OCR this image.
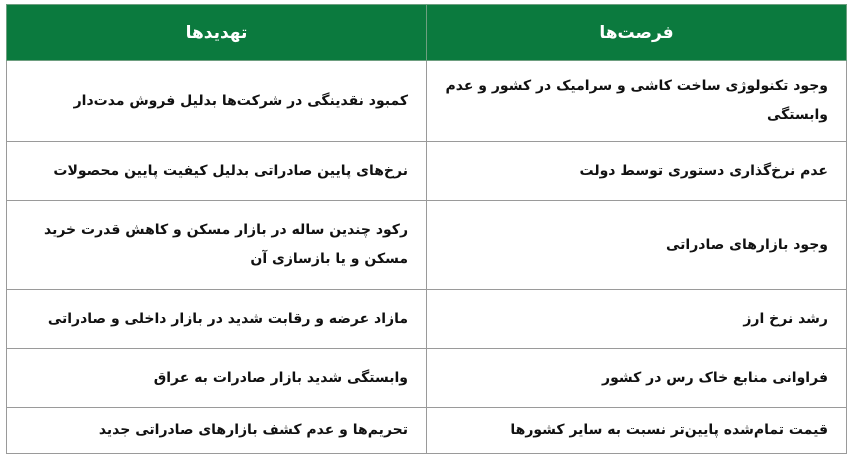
فرصت‌ها	تهدیدها
وجود تکنولوژی ساخت کاشی و سرامیک در کشور و عدم وابستگی	کمبود نقدینگی در شرکت‌ها بدلیل فروش مدت‌دار
عدم نرخ‌گذاری دستوری توسط دولت	نرخ‌های پایین صادراتی بدلیل کیفیت پایین محصولات
وجود بازارهای صادراتی	رکود چندین ساله در بازار مسکن و کاهش قدرت خرید مسکن و یا بازسازی آن
رشد نرخ ارز	مازاد عرضه و رقابت شدید در بازار داخلی و صادراتی
فراوانی منابع خاک رس در کشور	وابستگی شدید بازار صادرات به عراق
قیمت تمام‌شده پایین‌تر نسبت به سایر کشورها	تحریم‌ها و عدم کشف بازارهای صادراتی جدید
